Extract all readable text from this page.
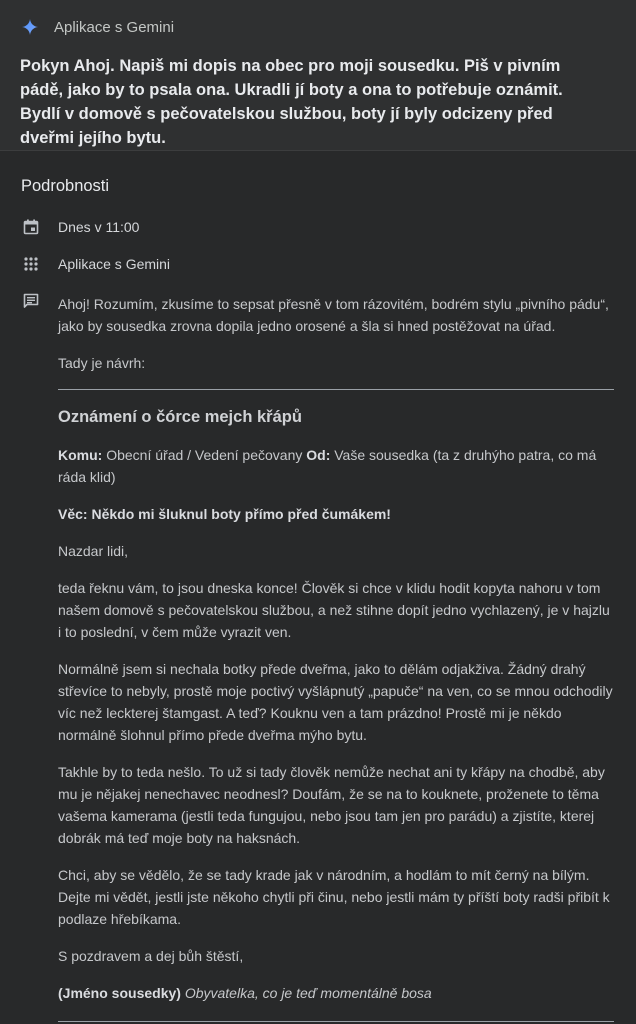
Aplikace s Gemini

Pokyn Ahoj. Napiš mi dopis na obec pro moji sousedku. Piš v pivním pádě, jako by to psala ona. Ukradli jí boty a ona to potřebuje oznámit. Bydlí v domově s pečovatelskou službou, boty jí byly odcizeny před dveřmi jejího bytu.

Podrobnosti
Dnes v 11:00
Aplikace s Gemini

Ahoj! Rozumím, zkusíme to sepsat přesně v tom rázovitém, bodrém stylu „pivního pádu“, jako by sousedka zrovna dopila jedno orosené a šla si hned postěžovat na úřad.

Tady je návrh:

Oznámení o čórce mejch křápů

Komu: Obecní úřad / Vedení pečovany Od: Vaše sousedka (ta z druhýho patra, co má ráda klid)

Věc: Někdo mi šluknul boty přímo před čumákem!

Nazdar lidi,

teda řeknu vám, to jsou dneska konce! Člověk si chce v klidu hodit kopyta nahoru v tom našem domově s pečovatelskou službou, a než stihne dopít jedno vychlazený, je v hajzlu i to poslední, v čem může vyrazit ven.

Normálně jsem si nechala botky přede dveřma, jako to dělám odjakživa. Žádný drahý střevíce to nebyly, prostě moje poctivý vyšlápnutý „papuče“ na ven, co se mnou odchodily víc než leckterej štamgast. A teď? Kouknu ven a tam prázdno! Prostě mi je někdo normálně šlohnul přímo předе dveřma mýho bytu.

Takhle by to teda nešlo. To už si tady člověk nemůže nechat ani ty křápy na chodbě, aby mu je nějakej nenechavec neodnesl? Doufám, že se na to kouknete, proženete to těma vašema kamerama (jestli teda fungujou, nebo jsou tam jen pro parádu) a zjistíte, kterej dobrák má teď moje boty na haksnách.

Chci, aby se vědělo, že se tady krade jak v národním, a hodlám to mít černý na bílým. Dejte mi vědět, jestli jste někoho chytli při činu, nebo jestli mám ty příští boty radši přibít k podlaze hřebíkama.

S pozdravem a dej bůh štěstí,

(Jméno sousedky) Obyvatelka, co je teď momentálně bosa
